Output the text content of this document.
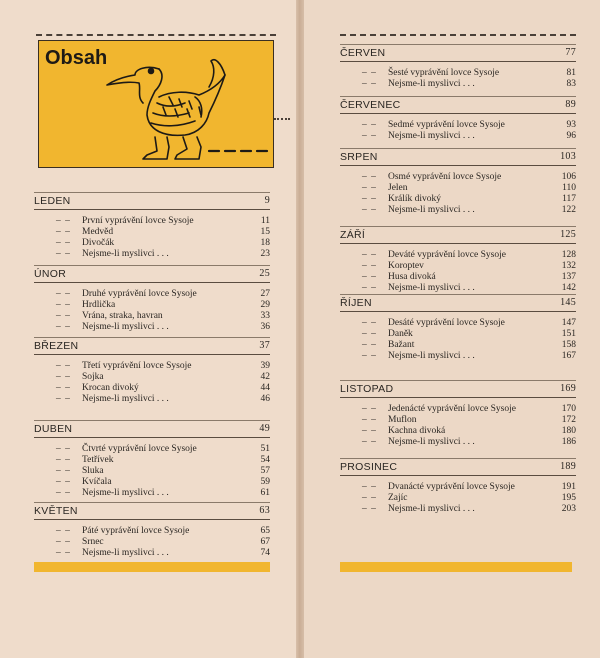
Obsah
LEDEN	9
– – První vyprávění lovce Sysoje	11
– – Medvěd	15
– – Divočák	18
– – Nejsme-li myslivci . . .	23
ÚNOR	25
– – Druhé vyprávění lovce Sysoje	27
– – Hrdlička	29
– – Vrána, straka, havran	33
– – Nejsme-li myslivci . . .	36
BŘEZEN	37
– – Třetí vyprávění lovce Sysoje	39
– – Sojka	42
– – Krocan divoký	44
– – Nejsme-li myslivci . . .	46
DUBEN	49
– – Čtvrté vyprávění lovce Sysoje	51
– – Tetřívek	54
– – Sluka	57
– – Kvíčala	59
– – Nejsme-li myslivci . . .	61
KVĚTEN	63
– – Páté vyprávění lovce Sysoje	65
– – Srnec	67
– – Nejsme-li myslivci . . .	74
ČERVEN	77
– – Šesté vyprávění lovce Sysoje	81
– – Nejsme-li myslivci . . .	83
ČERVENEC	89
– – Sedmé vyprávění lovce Sysoje	93
– – Nejsme-li myslivci . . .	96
SRPEN	103
– – Osmé vyprávění lovce Sysoje	106
– – Jelen	110
– – Králík divoký	117
– – Nejsme-li myslivci . . .	122
ZÁŘÍ	125
– – Deváté vyprávění lovce Sysoje	128
– – Koroptev	132
– – Husa divoká	137
– – Nejsme-li myslivci . . .	142
ŘÍJEN	145
– – Desáté vyprávění lovce Sysoje	147
– – Daněk	151
– – Bažant	158
– – Nejsme-li myslivci . . .	167
LISTOPAD	169
– – Jedenácté vyprávění lovce Sysoje	170
– – Muflon	172
– – Kachna divoká	180
– – Nejsme-li myslivci . . .	186
PROSINEC	189
– – Dvanácté vyprávění lovce Sysoje	191
– – Zajíc	195
– – Nejsme-li myslivci . . .	203
